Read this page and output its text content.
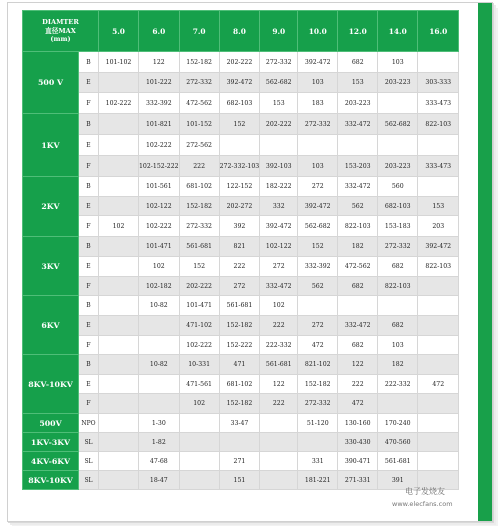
DIAMTER
直径MAX
(mm)		5.0	6.0	7.0	8.0	9.0	10.0	12.0	14.0	16.0
500 V	B	101-102	122	152-182	202-222	272-332	392-472	682	103	
	E		101-222	272-332	392-472	562-682	103	153	203-223	303-333
	F	102-222	332-392	472-562	682-103	153	183	203-223		333-473
1KV	B		101-821	101-152	152	202-222	272-332	332-472	562-682	822-103
	E		102-222	272-562						
	F		102-152-222	222	272-332-103	392-103	103	153-203	203-223	333-473
2KV	B		101-561	681-102	122-152	182-222	272	332-472	560	
	E		102-122	152-182	202-272	332	392-472	562	682-103	153
	F	102	102-222	272-332	392	392-472	562-682	822-103	153-183	203
3KV	B		101-471	561-681	821	102-122	152	182	272-332	392-472
	E		102	152	222	272	332-392	472-562	682	822-103
	F		102-182	202-222	272	332-472	562	682	822-103	
6KV	B		10-82	101-471	561-681	102				
	E			471-102	152-182	222	272	332-472	682	
	F			102-222	152-222	222-332	472	682	103	
8KV-10KV	B		10-82	10-331	471	561-681	821-102	122	182	
	E			471-561	681-102	122	152-182	222	222-332	472
	F			102	152-182	222	272-332	472		
500V	NPO		1-30		33-47		51-120	130-160	170-240	
1KV-3KV	SL		1-82					330-430	470-560	
4KV-6KV	SL		47-68		271		331	390-471	561-681	
8KV-10KV	SL		18-47		151		181-221	271-331	391	
电子发烧友
www.elecfans.com
